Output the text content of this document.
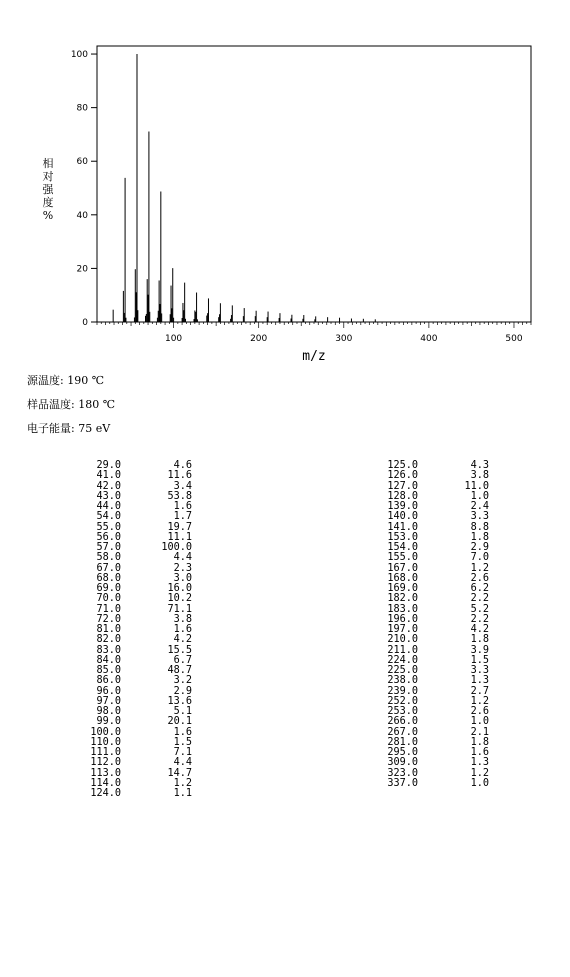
100	200	300	400	500
0
20
40
60
80
100
m/z
相
对
强
度
%
源温度: 190 ℃
样品温度: 180 ℃
电子能量: 75 eV
29.0	4.6
41.0	11.6
42.0	3.4
43.0	53.8
44.0	1.6
54.0	1.7
55.0	19.7
56.0	11.1
57.0	100.0
58.0	4.4
67.0	2.3
68.0	3.0
69.0	16.0
70.0	10.2
71.0	71.1
72.0	3.8
81.0	1.6
82.0	4.2
83.0	15.5
84.0	6.7
85.0	48.7
86.0	3.2
96.0	2.9
97.0	13.6
98.0	5.1
99.0	20.1
100.0	1.6
110.0	1.5
111.0	7.1
112.0	4.4
113.0	14.7
114.0	1.2
124.0	1.1
125.0	4.3
126.0	3.8
127.0	11.0
128.0	1.0
139.0	2.4
140.0	3.3
141.0	8.8
153.0	1.8
154.0	2.9
155.0	7.0
167.0	1.2
168.0	2.6
169.0	6.2
182.0	2.2
183.0	5.2
196.0	2.2
197.0	4.2
210.0	1.8
211.0	3.9
224.0	1.5
225.0	3.3
238.0	1.3
239.0	2.7
252.0	1.2
253.0	2.6
266.0	1.0
267.0	2.1
281.0	1.8
295.0	1.6
309.0	1.3
323.0	1.2
337.0	1.0
